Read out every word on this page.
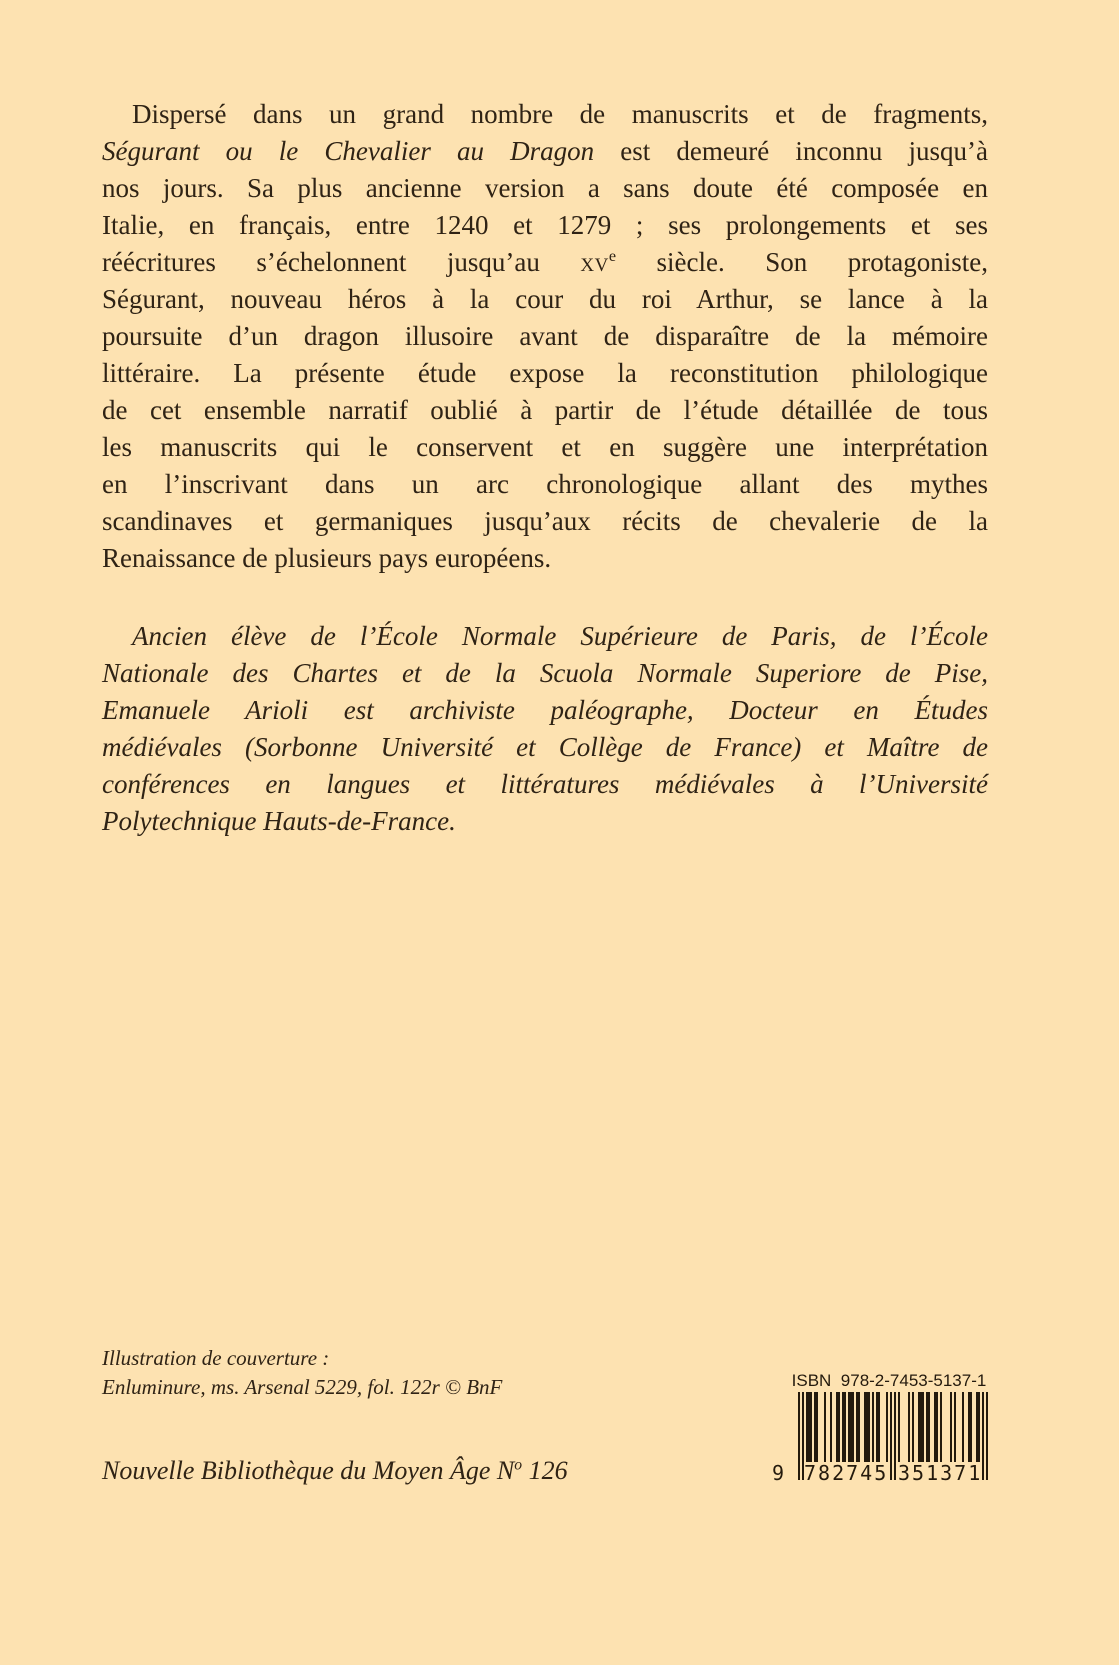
Dispersé dans un grand nombre de manuscrits et de fragments,
Ségurant ou le Chevalier au Dragon est demeuré inconnu jusqu’à
nos jours. Sa plus ancienne version a sans doute été composée en
Italie, en français, entre 1240 et 1279 ; ses prolongements et ses
réécritures s’échelonnent jusqu’au $xv^e$ siècle. Son protagoniste,
Ségurant, nouveau héros à la cour du roi Arthur, se lance à la
poursuite d’un dragon illusoire avant de disparaître de la mémoire
littéraire. La présente étude expose la reconstitution philologique
de cet ensemble narratif oublié à partir de l’étude détaillée de tous
les manuscrits qui le conservent et en suggère une interprétation
en l’inscrivant dans un arc chronologique allant des mythes
scandinaves et germaniques jusqu’aux récits de chevalerie de la
Renaissance de plusieurs pays européens.
Ancien élève de l’École Normale Supérieure de Paris, de l’École
Nationale des Chartes et de la Scuola Normale Superiore de Pise,
Emanuele Arioli est archiviste paléographe, Docteur en Études
médiévales (Sorbonne Université et Collège de France) et Maître de
conférences en langues et littératures médiévales à l’Université
Polytechnique Hauts-de-France.
Illustration de couverture :
Enluminure, ms. Arsenal 5229, fol. 122r © BnF
Nouvelle Bibliothèque du Moyen Âge $N^o$ 126
ISBN  978-2-7453-5137-1
9 782745 351371
